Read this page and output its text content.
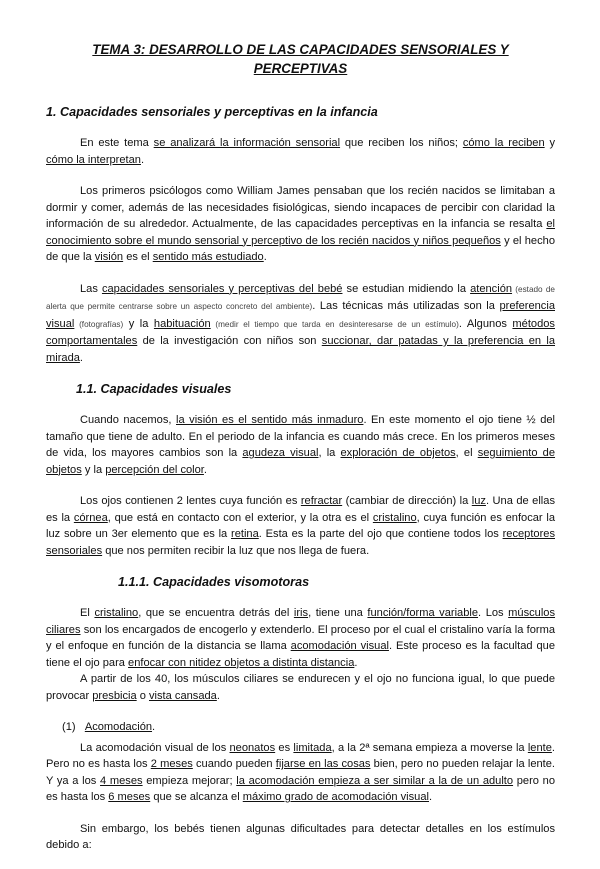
TEMA 3: DESARROLLO DE LAS CAPACIDADES SENSORIALES Y
PERCEPTIVAS
1. Capacidades sensoriales y perceptivas en la infancia

En este tema se analizará la información sensorial que reciben los niños; cómo la reciben y cómo la interpretan.

Los primeros psicólogos como William James pensaban que los recién nacidos se limitaban a dormir y comer, además de las necesidades fisiológicas, siendo incapaces de percibir con claridad la información de su alrededor. Actualmente, de las capacidades perceptivas en la infancia se resalta el conocimiento sobre el mundo sensorial y perceptivo de los recién nacidos y niños pequeños y el hecho de que la visión es el sentido más estudiado.

Las capacidades sensoriales y perceptivas del bebé se estudian midiendo la atención (estado de alerta que permite centrarse sobre un aspecto concreto del ambiente). Las técnicas más utilizadas son la preferencia visual (fotografías) y la habituación (medir el tiempo que tarda en desinteresarse de un estímulo). Algunos métodos comportamentales de la investigación con niños son succionar, dar patadas y la preferencia en la mirada.

1.1. Capacidades visuales

Cuando nacemos, la visión es el sentido más inmaduro. En este momento el ojo tiene ½ del tamaño que tiene de adulto. En el periodo de la infancia es cuando más crece. En los primeros meses de vida, los mayores cambios son la agudeza visual, la exploración de objetos, el seguimiento de objetos y la percepción del color.

Los ojos contienen 2 lentes cuya función es refractar (cambiar de dirección) la luz. Una de ellas es la córnea, que está en contacto con el exterior, y la otra es el cristalino, cuya función es enfocar la luz sobre un 3er elemento que es la retina. Esta es la parte del ojo que contiene todos los receptores sensoriales que nos permiten recibir la luz que nos llega de fuera.

1.1.1. Capacidades visomotoras

El cristalino, que se encuentra detrás del iris, tiene una función/forma variable. Los músculos ciliares son los encargados de encogerlo y extenderlo. El proceso por el cual el cristalino varía la forma y el enfoque en función de la distancia se llama acomodación visual. Este proceso es la facultad que tiene el ojo para enfocar con nitidez objetos a distinta distancia.

A partir de los 40, los músculos ciliares se endurecen y el ojo no funciona igual, lo que puede provocar presbicia o vista cansada.

(1) Acomodación.

La acomodación visual de los neonatos es limitada, a la 2ª semana empieza a moverse la lente. Pero no es hasta los 2 meses cuando pueden fijarse en las cosas bien, pero no pueden relajar la lente. Y ya a los 4 meses empieza mejorar; la acomodación empieza a ser similar a la de un adulto pero no es hasta los 6 meses que se alcanza el máximo grado de acomodación visual.

Sin embargo, los bebés tienen algunas dificultades para detectar detalles en los estímulos debido a:
